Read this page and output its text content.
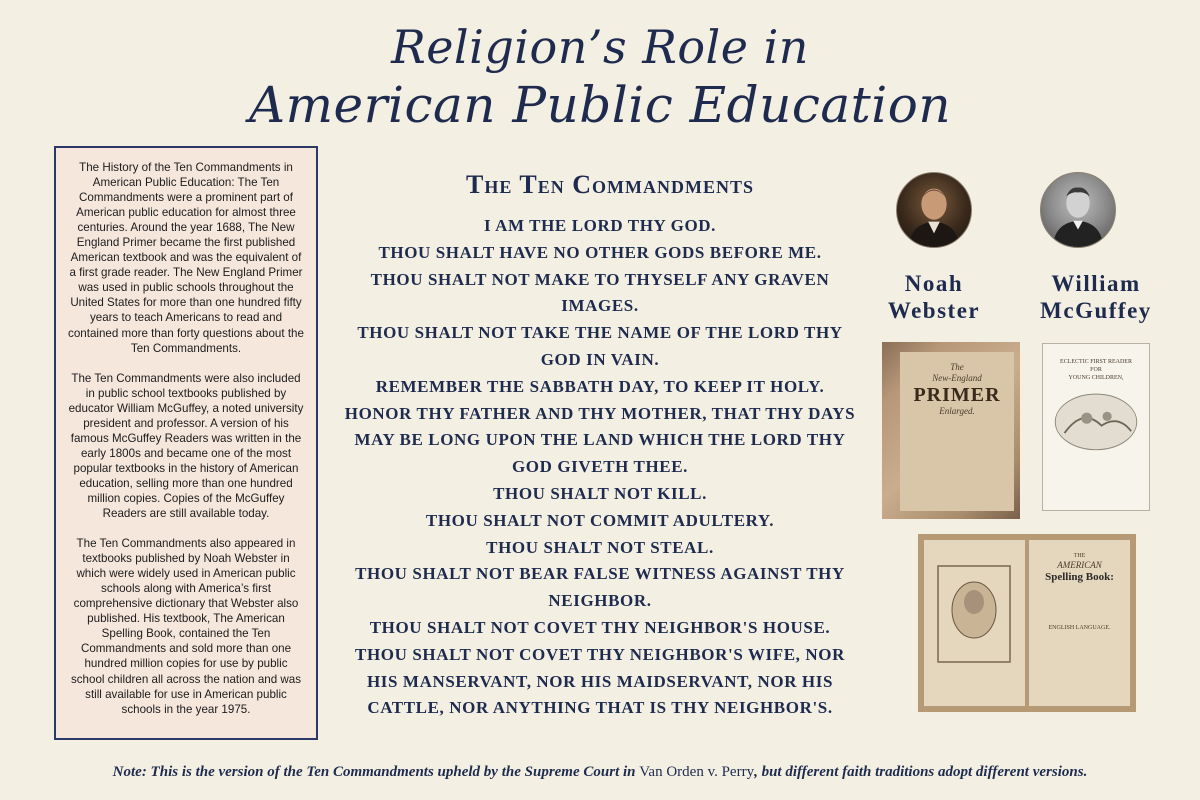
Religion’s Role in
American Public Education

The History of the Ten Commandments in American Public Education: The Ten Commandments were a prominent part of American public education for almost three centuries. Around the year 1688, The New England Primer became the first published American textbook and was the equivalent of a first grade reader. The New England Primer was used in public schools throughout the United States for more than one hundred fifty years to teach Americans to read and contained more than forty questions about the Ten Commandments.

The Ten Commandments were also included in public school textbooks published by educator William McGuffey, a noted university president and professor. A version of his famous McGuffey Readers was written in the early 1800s and became one of the most popular textbooks in the history of American education, selling more than one hundred million copies. Copies of the McGuffey Readers are still available today.

The Ten Commandments also appeared in textbooks published by Noah Webster in which were widely used in American public schools along with America’s first comprehensive dictionary that Webster also published. His textbook, The American Spelling Book, contained the Ten Commandments and sold more than one hundred million copies for use by public school children all across the nation and was still available for use in American public schools in the year 1975.

The Ten Commandments
I AM THE LORD THY GOD.
THOU SHALT HAVE NO OTHER GODS BEFORE ME.
THOU SHALT NOT MAKE TO THYSELF ANY GRAVEN IMAGES.
THOU SHALT NOT TAKE THE NAME OF THE LORD THY GOD IN VAIN.
REMEMBER THE SABBATH DAY, TO KEEP IT HOLY.
HONOR THY FATHER AND THY MOTHER, THAT THY DAYS MAY BE LONG UPON THE LAND WHICH THE LORD THY GOD GIVETH THEE.
THOU SHALT NOT KILL.
THOU SHALT NOT COMMIT ADULTERY.
THOU SHALT NOT STEAL.
THOU SHALT NOT BEAR FALSE WITNESS AGAINST THY NEIGHBOR.
THOU SHALT NOT COVET THY NEIGHBOR'S HOUSE.
THOU SHALT NOT COVET THY NEIGHBOR'S WIFE, NOR HIS MANSERVANT, NOR HIS MAIDSERVANT, NOR HIS CATTLE, NOR ANYTHING THAT IS THY NEIGHBOR'S.
Noah
Webster
William
McGuffey
The
New-England
PRIMER
Enlarged.
ECLECTIC FIRST READER
FOR
YOUNG CHILDREN,
THE
AMERICAN
Spelling Book:
ENGLISH LANGUAGE.
Note: This is the version of the Ten Commandments upheld by the Supreme Court in Van Orden v. Perry, but different faith traditions adopt different versions.
